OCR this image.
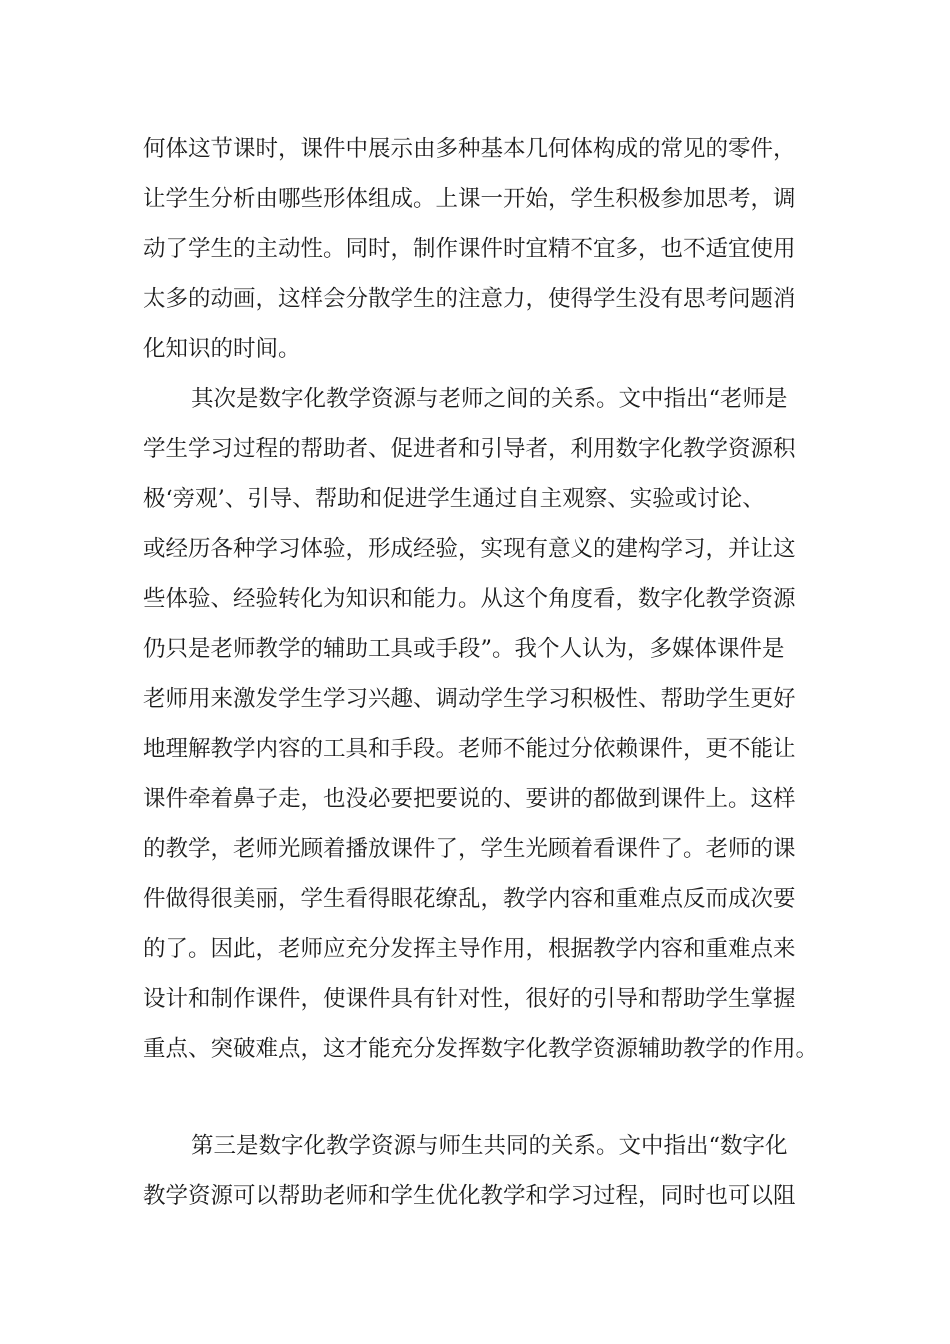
何体这节课时，课件中展示由多种基本几何体构成的常见的零件，
让学生分析由哪些形体组成。上课一开始，学生积极参加思考，调
动了学生的主动性。同时，制作课件时宜精不宜多，也不适宜使用
太多的动画，这样会分散学生的注意力，使得学生没有思考问题消
化知识的时间。
其次是数字化教学资源与老师之间的关系。文中指出“老师是
学生学习过程的帮助者、促进者和引导者，利用数字化教学资源积
极‘旁观’、引导、帮助和促进学生通过自主观察、实验或讨论、
或经历各种学习体验，形成经验，实现有意义的建构学习，并让这
些体验、经验转化为知识和能力。从这个角度看，数字化教学资源
仍只是老师教学的辅助工具或手段”。我个人认为，多媒体课件是
老师用来激发学生学习兴趣、调动学生学习积极性、帮助学生更好
地理解教学内容的工具和手段。老师不能过分依赖课件，更不能让
课件牵着鼻子走，也没必要把要说的、要讲的都做到课件上。这样
的教学，老师光顾着播放课件了，学生光顾着看课件了。老师的课
件做得很美丽，学生看得眼花缭乱，教学内容和重难点反而成次要
的了。因此，老师应充分发挥主导作用，根据教学内容和重难点来
设计和制作课件，使课件具有针对性，很好的引导和帮助学生掌握
重点、突破难点，这才能充分发挥数字化教学资源辅助教学的作用。
第三是数字化教学资源与师生共同的关系。文中指出“数字化
教学资源可以帮助老师和学生优化教学和学习过程，同时也可以阻
